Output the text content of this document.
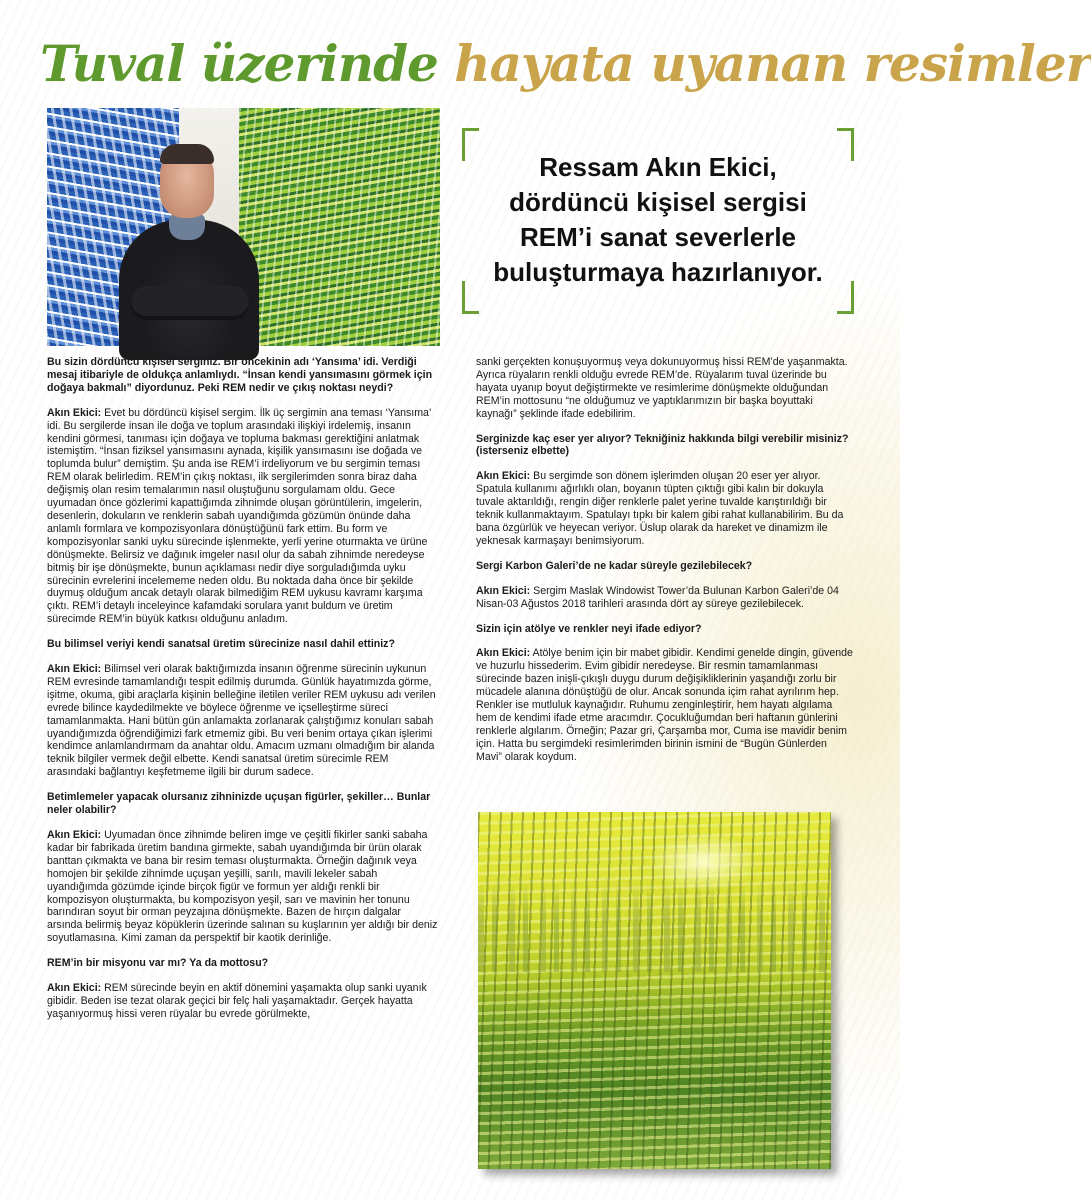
Tuval üzerinde hayata uyanan resimler
Ressam Akın Ekici,
dördüncü kişisel sergisi
REM’i sanat severlerle
buluşturmaya hazırlanıyor.

Bu sizin dördüncü kişisel serginiz. Bir öncekinin adı ‘Yansıma’ idi. Verdiği mesaj itibariyle de oldukça anlamlıydı. “İnsan kendi yansımasını görmek için doğaya bakmalı” diyordunuz. Peki REM nedir ve çıkış noktası neydi?

Akın Ekici: Evet bu dördüncü kişisel sergim. İlk üç sergimin ana teması ‘Yansıma’ idi. Bu sergilerde insan ile doğa ve toplum arasındaki ilişkiyi irdelemiş, insanın kendini görmesi, tanıması için doğaya ve topluma bakması gerektiğini anlatmak istemiştim. “İnsan fiziksel yansımasını aynada, kişilik yansımasını ise doğada ve toplumda bulur” demiştim. Şu anda ise REM’i irdeliyorum ve bu sergimin teması REM olarak belirledim. REM’in çıkış noktası, ilk sergilerimden sonra biraz daha değişmiş olan resim temalarımın nasıl oluştuğunu sorgulamam oldu. Gece uyumadan önce gözlerimi kapattığımda zihnimde oluşan görüntülerin, imgelerin, desenlerin, dokuların ve renklerin sabah uyandığımda gözümün önünde daha anlamlı formlara ve kompozisyonlara dönüştüğünü fark ettim. Bu form ve kompozisyonlar sanki uyku sürecinde işlenmekte, yerli yerine oturmakta ve ürüne dönüşmekte. Belirsiz ve dağınık imgeler nasıl olur da sabah zihnimde neredeyse bitmiş bir işe dönüşmekte, bunun açıklaması nedir diye sorguladığımda uyku sürecinin evrelerini incelememe neden oldu. Bu noktada daha önce bir şekilde duymuş olduğum ancak detaylı olarak bilmediğim REM uykusu kavramı karşıma çıktı. REM’i detaylı inceleyince kafamdaki sorulara yanıt buldum ve üretim sürecimde REM’in büyük katkısı olduğunu anladım.

Bu bilimsel veriyi kendi sanatsal üretim sürecinize nasıl dahil ettiniz?

Akın Ekici: Bilimsel veri olarak baktığımızda insanın öğrenme sürecinin uykunun REM evresinde tamamlandığı tespit edilmiş durumda. Günlük hayatımızda görme, işitme, okuma, gibi araçlarla kişinin belleğine iletilen veriler REM uykusu adı verilen evrede bilince kaydedilmekte ve böylece öğrenme ve içselleştirme süreci tamamlanmakta. Hani bütün gün anlamakta zorlanarak çalıştığımız konuları sabah uyandığımızda öğrendiğimizi fark etmemiz gibi. Bu veri benim ortaya çıkan işlerimi kendimce anlamlandırmam da anahtar oldu. Amacım uzmanı olmadığım bir alanda teknik bilgiler vermek değil elbette. Kendi sanatsal üretim sürecimle REM arasındaki bağlantıyı keşfetmeme ilgili bir durum sadece.

Betimlemeler yapacak olursanız zihninizde uçuşan figürler, şekiller… Bunlar neler olabilir?

Akın Ekici: Uyumadan önce zihnimde beliren imge ve çeşitli fikirler sanki sabaha kadar bir fabrikada üretim bandına girmekte, sabah uyandığımda bir ürün olarak banttan çıkmakta ve bana bir resim teması oluşturmakta. Örneğin dağınık veya homojen bir şekilde zihnimde uçuşan yeşilli, sarılı, mavili lekeler sabah uyandığımda gözümde içinde birçok figür ve formun yer aldığı renkli bir kompozisyon oluşturmakta, bu kompozisyon yeşil, sarı ve mavinin her tonunu barındıran soyut bir orman peyzajına dönüşmekte. Bazen de hırçın dalgalar arsında belirmiş beyaz köpüklerin üzerinde salınan su kuşlarının yer aldığı bir deniz soyutlamasına. Kimi zaman da perspektif bir kaotik derinliğe.

REM’in bir misyonu var mı? Ya da mottosu?

Akın Ekici: REM sürecinde beyin en aktif dönemini yaşamakta olup sanki uyanık gibidir. Beden ise tezat olarak geçici bir felç hali yaşamaktadır. Gerçek hayatta yaşanıyormuş hissi veren rüyalar bu evrede görülmekte,

sanki gerçekten konuşuyormuş veya dokunuyormuş hissi REM’de yaşanmakta. Ayrıca rüyaların renkli olduğu evrede REM’de. Rüyalarım tuval üzerinde bu hayata uyanıp boyut değiştirmekte ve resimlerime dönüşmekte olduğundan REM’in mottosunu “ne olduğumuz ve yaptıklarımızın bir başka boyuttaki kaynağı” şeklinde ifade edebilirim.

Serginizde kaç eser yer alıyor? Tekniğiniz hakkında bilgi verebilir misiniz? (isterseniz elbette)

Akın Ekici: Bu sergimde son dönem işlerimden oluşan 20 eser yer alıyor. Spatula kullanımı ağırlıklı olan, boyanın tüpten çıktığı gibi kalın bir dokuyla tuvale aktarıldığı, rengin diğer renklerle palet yerine tuvalde karıştırıldığı bir teknik kullanmaktayım. Spatulayı tıpkı bir kalem gibi rahat kullanabilirim. Bu da bana özgürlük ve heyecan veriyor. Üslup olarak da hareket ve dinamizm ile yeknesak karmaşayı benimsiyorum.

Sergi Karbon Galeri’de ne kadar süreyle gezilebilecek?

Akın Ekici: Sergim Maslak Windowist Tower’da Bulunan Karbon Galeri’de 04 Nisan-03 Ağustos 2018 tarihleri arasında dört ay süreye gezilebilecek.

Sizin için atölye ve renkler neyi ifade ediyor?

Akın Ekici: Atölye benim için bir mabet gibidir. Kendimi genelde dingin, güvende ve huzurlu hissederim. Evim gibidir neredeyse. Bir resmin tamamlanması sürecinde bazen inişli-çıkışlı duygu durum değişikliklerinin yaşandığı zorlu bir mücadele alanına dönüştüğü de olur. Ancak sonunda içim rahat ayrılırım hep. Renkler ise mutluluk kaynağıdır. Ruhumu zenginleştirir, hem hayatı algılama hem de kendimi ifade etme aracımdır. Çocukluğumdan beri haftanın günlerini renklerle algılarım. Örneğin; Pazar gri, Çarşamba mor, Cuma ise mavidir benim için. Hatta bu sergimdeki resimlerimden birinin ismini de “Bugün Günlerden Mavi” olarak koydum.
